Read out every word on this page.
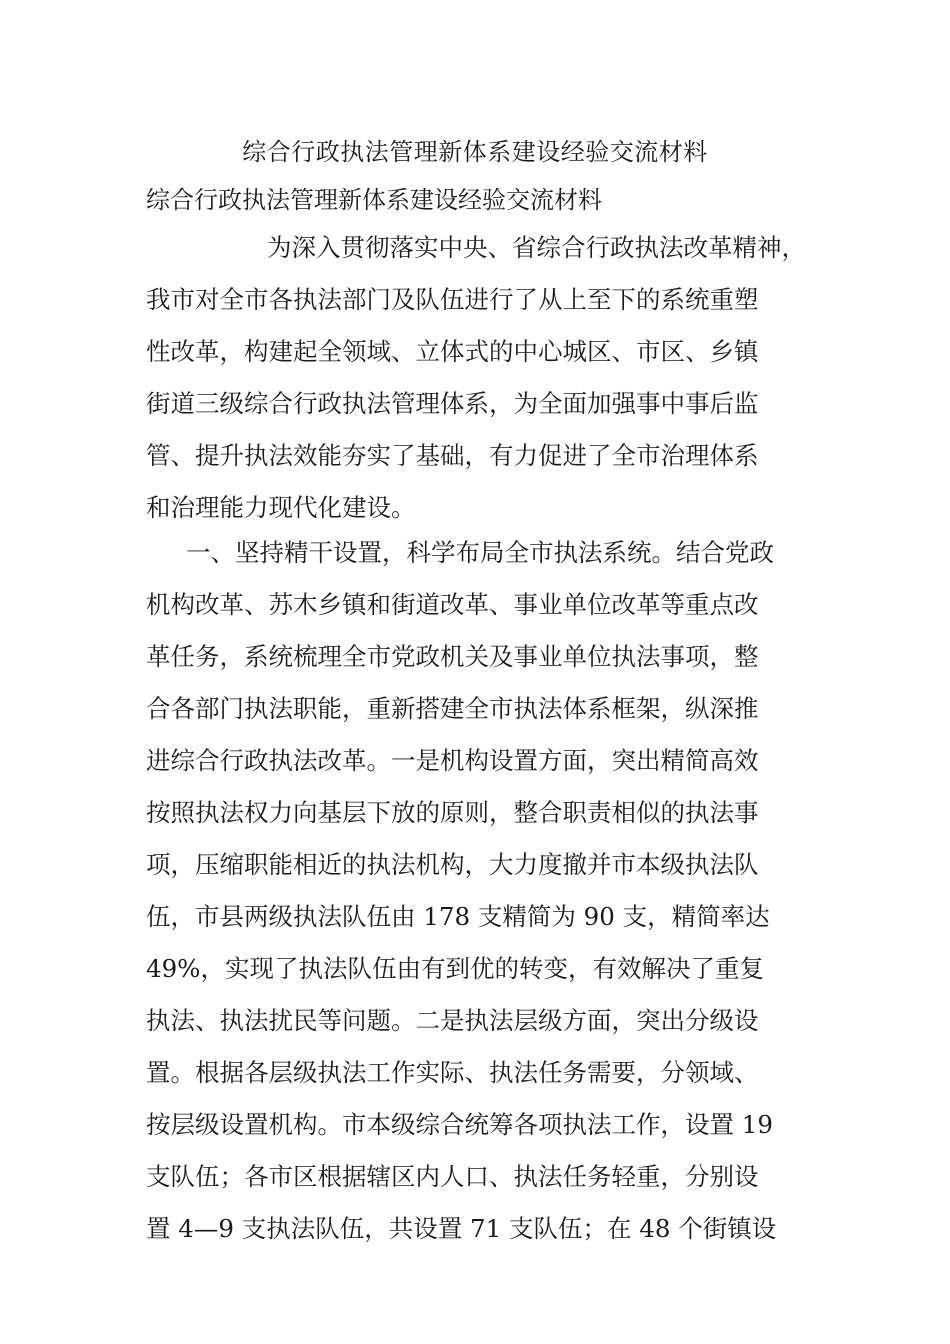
综合行政执法管理新体系建设经验交流材料
综合行政执法管理新体系建设经验交流材料
为深入贯彻落实中央、省综合行政执法改革精神，
我市对全市各执法部门及队伍进行了从上至下的系统重塑
性改革，构建起全领域、立体式的中心城区、市区、乡镇
街道三级综合行政执法管理体系，为全面加强事中事后监
管、提升执法效能夯实了基础，有力促进了全市治理体系
和治理能力现代化建设。
一、坚持精干设置，科学布局全市执法系统。结合党政
机构改革、苏木乡镇和街道改革、事业单位改革等重点改
革任务，系统梳理全市党政机关及事业单位执法事项，整
合各部门执法职能，重新搭建全市执法体系框架，纵深推
进综合行政执法改革。一是机构设置方面，突出精简高效
按照执法权力向基层下放的原则，整合职责相似的执法事
项，压缩职能相近的执法机构，大力度撤并市本级执法队
伍，市县两级执法队伍由 178 支精简为 90 支，精简率达
49%，实现了执法队伍由有到优的转变，有效解决了重复
执法、执法扰民等问题。二是执法层级方面，突出分级设
置。根据各层级执法工作实际、执法任务需要，分领域、
按层级设置机构。市本级综合统筹各项执法工作，设置 19
支队伍；各市区根据辖区内人口、执法任务轻重，分别设
置 4—9 支执法队伍，共设置 71 支队伍；在 48 个街镇设
